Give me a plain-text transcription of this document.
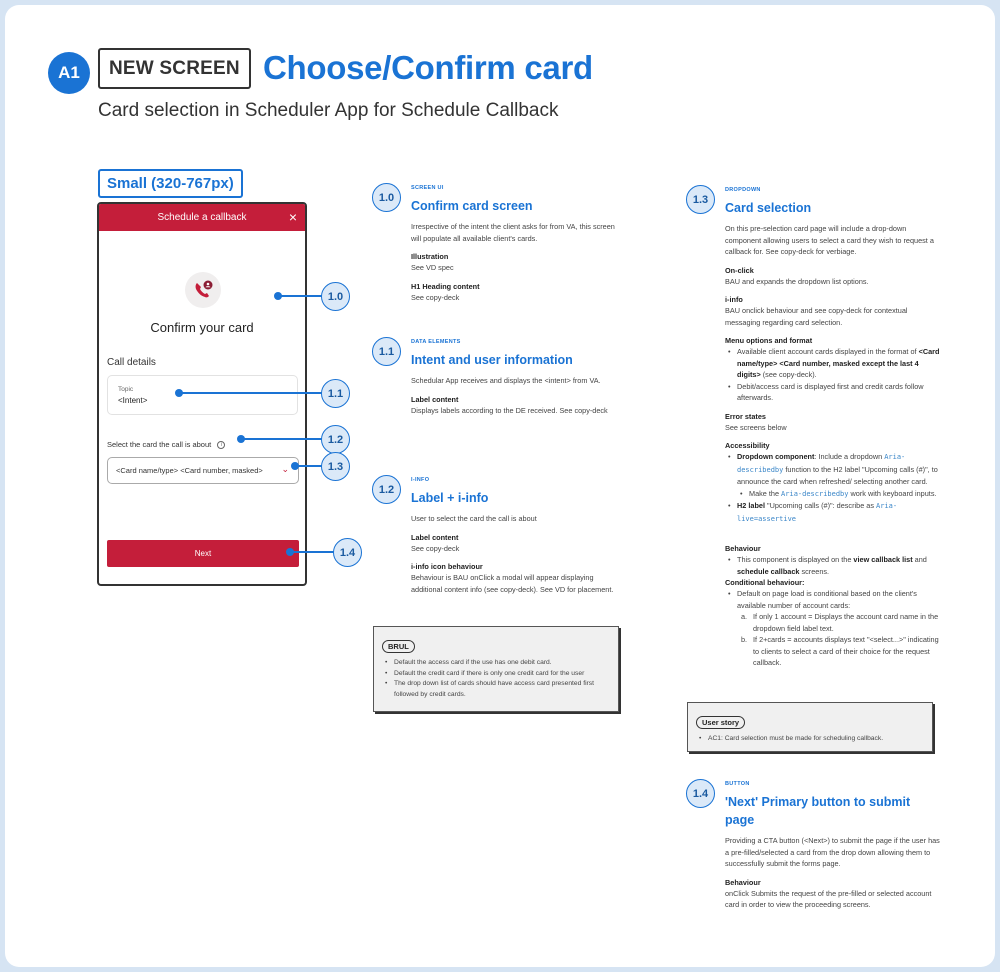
A1	NEW SCREEN Choose/Confirm card
Card selection in Scheduler App for Schedule Callback
Small (320-767px)
Schedule a callback	×
Confirm your card
Call details
Topic
<Intent>
Select the card the call is about	i
<Card name/type> <Card number, masked> ⌄
Next
1.0
1.1
1.2
1.3
1.4
1.0
SCREEN UI
Confirm card screen
Irrespective of the intent the client asks for from VA, this screen will populate all available client's cards.
Illustration
See VD spec
H1 Heading content
See copy-deck
1.1
DATA ELEMENTS
Intent and user information
Schedular App receives and displays the <intent> from VA.
Label content
Displays labels according to the DE received. See copy-deck
1.2
I-INFO
Label + i-info
User to select the card the call is about
Label content
See copy-deck
i-info icon behaviour
Behaviour is BAU onClick a modal will appear displaying additional content info (see copy-deck). See VD for placement.
BRUL
• Default the access card if the use has one debit card.
• Default the credit card if there is only one credit card for the user
• The drop down list of cards should have access card presented first followed by credit cards.
1.3
DROPDOWN
Card selection
On this pre-selection card page will include a drop-down component allowing users to select a card they wish to request a callback for. See copy-deck for verbiage.
On-click
BAU and expands the dropdown list options.
i-info
BAU onclick behaviour and see copy-deck for contextual messaging regarding card selection.
Menu options and format
• Available client account cards displayed in the format of <Card name/type> <Card number, masked except the last 4 digits> (see copy-deck).
• Debit/access card is displayed first and credit cards follow afterwards.
Error states
See screens below
Accessibility
• Dropdown component: Include a dropdown Aria-describedby function to the H2 label "Upcoming calls (#)", to announce the card when refreshed/ selecting another card.
• Make the Aria-describedby work with keyboard inputs.
• H2 label "Upcoming calls (#)": describe as Aria-live=assertive
Behaviour
• This component is displayed on the view callback list and schedule callback screens.
Conditional behaviour:
• Default on page load is conditional based on the client's available number of account cards:
a. If only 1 account = Displays the account card name in the dropdown field label text.
b. If 2+cards = accounts displays text "<select...>" indicating to clients to select a card of their choice for the request callback.
User story
• AC1: Card selection must be made for scheduling callback.
1.4
BUTTON
'Next' Primary button to submit page
Providing a CTA button (<Next>) to submit the page if the user has a pre-filled/selected a card from the drop down allowing them to successfully submit the forms page.
Behaviour
onClick Submits the request of the pre-filled or selected account card in order to view the proceeding screens.
